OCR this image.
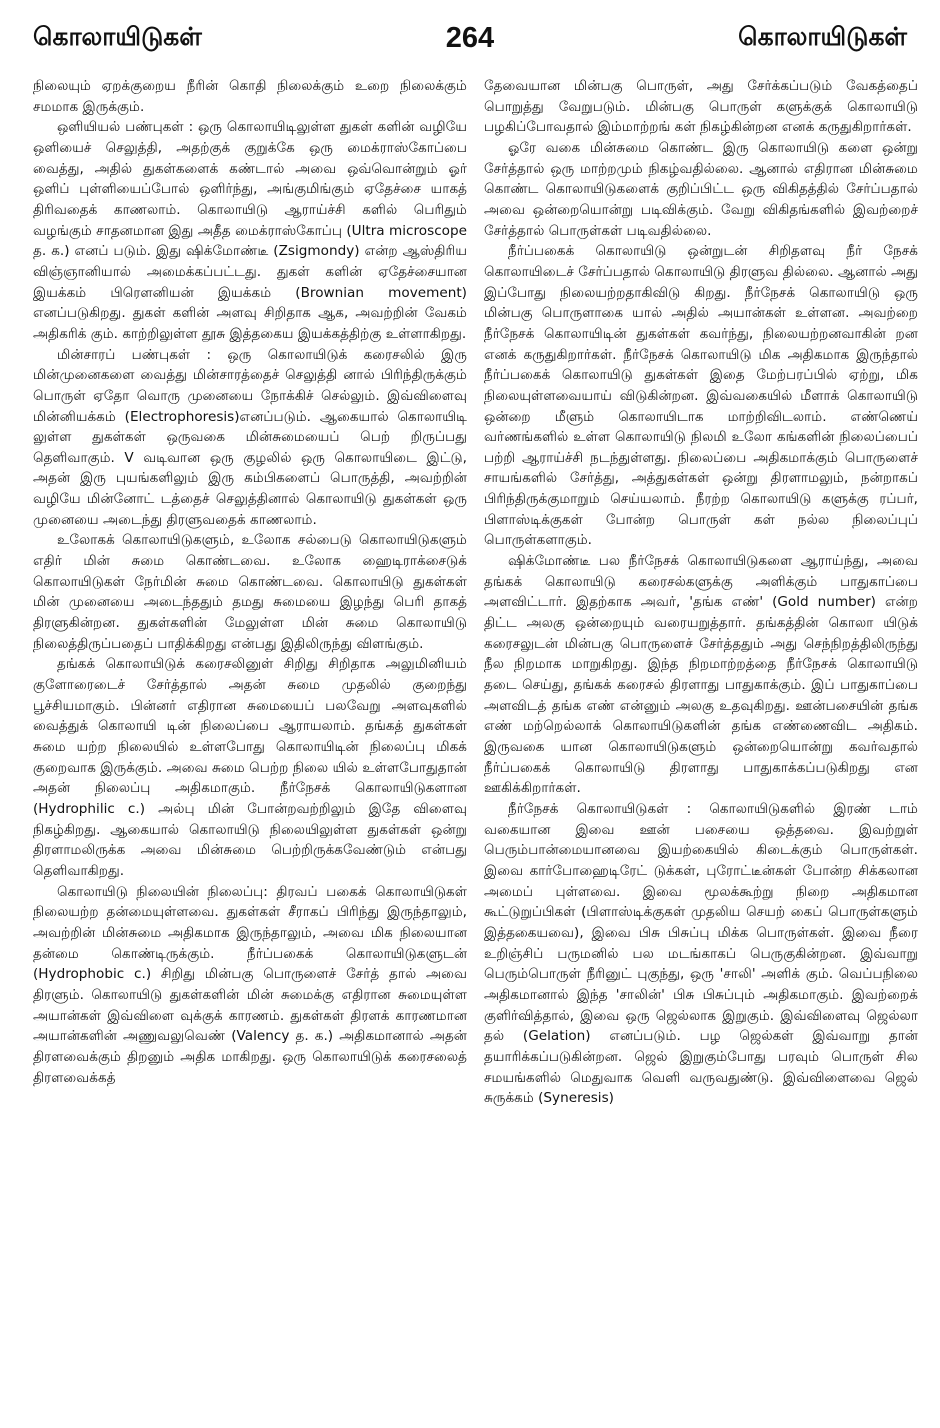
கொலாயிடுகள்	264	கொலாயிடுகள்

நிலையும் ஏறக்குறைய நீரின் கொதி நிலைக்கும் உறை நிலைக்கும் சமமாக இருக்கும்.

ஒளியியல் பண்புகள் : ஒரு கொலாயிடிலுள்ள துகள் களின் வழியே ஒளியைச் செலுத்தி, அதற்குக் குறுக்கே ஒரு மைக்ராஸ்கோப்பை வைத்து, அதில் துகள்களைக் கண்டால் அவை ஒவ்வொன்றும் ஓர் ஒளிப் புள்ளியைப்போல் ஒளிர்ந்து, அங்குமிங்கும் ஏதேச்சை யாகத் திரிவதைக் காணலாம். கொலாயிடு ஆராய்ச்சி களில் பெரிதும் வழங்கும் சாதனமான இது அதீத மைக்ராஸ்கோப்பு (Ultra microscope த. க.) எனப் படும். இது ஷிக்மோண்டீ (Zsigmondy) என்ற ஆஸ்திரிய விஞ்ஞானியால் அமைக்கப்பட்டது. துகள் களின் ஏதேச்சையான இயக்கம் பிரௌனியன் இயக்கம் (Brownian movement) எனப்படுகிறது. துகள் களின் அளவு சிறிதாக ஆக, அவற்றின் வேகம் அதிகரிக் கும். காற்றிலுள்ள தூசு இத்தகைய இயக்கத்திற்கு உள்ளாகிறது.

மின்சாரப் பண்புகள் : ஒரு கொலாயிடுக் கரைசலில் இரு மின்முனைகளை வைத்து மின்சாரத்தைச் செலுத்தி னால் பிரிந்திருக்கும் பொருள் ஏதோ வொரு முனையை நோக்கிச் செல்லும். இவ்விளைவு மின்னியக்கம் (Electrophoresis)எனப்படும். ஆகையால் கொலாயிடி லுள்ள துகள்கள் ஒருவகை மின்சுமையைப் பெற் றிருப்பது தெளிவாகும். V வடிவான ஒரு குழலில் ஒரு கொலாயிடை இட்டு, அதன் இரு புயங்களிலும் இரு கம்பிகளைப் பொருத்தி, அவற்றின் வழியே மின்னோட் டத்தைச் செலுத்தினால் கொலாயிடு துகள்கள் ஒரு முனையை அடைந்து திரளுவதைக் காணலாம்.

உலோகக் கொலாயிடுகளும், உலோக சல்பைடு கொலாயிடுகளும் எதிர் மின் சுமை கொண்டவை. உலோக ஹைடிராக்சைடுக் கொலாயிடுகள் நேர்மின் சுமை கொண்டவை. கொலாயிடு துகள்கள் மின் முனையை அடைந்ததும் தமது சுமையை இழந்து பெரி தாகத் திரளுகின்றன. துகள்களின் மேலுள்ள மின் சுமை கொலாயிடு நிலைத்திருப்பதைப் பாதிக்கிறது என்பது இதிலிருந்து விளங்கும்.

தங்கக் கொலாயிடுக் கரைசலினுள் சிறிது சிறிதாக அலுமினியம் குளோரைடைச் சேர்த்தால் அதன் சுமை முதலில் குறைந்து பூச்சியமாகும். பின்னர் எதிரான சுமையைப் பலவேறு அளவுகளில் வைத்துக் கொலாயி டின் நிலைப்பை ஆராயலாம். தங்கத் துகள்கள் சுமை யற்ற நிலையில் உள்ளபோது கொலாயிடின் நிலைப்பு மிகக் குறைவாக இருக்கும். அவை சுமை பெற்ற நிலை யில் உள்ளபோதுதான் அதன் நிலைப்பு அதிகமாகும். நீர்நேசக் கொலாயிடுகளான (Hydrophilic c.) அல்பு மின் போன்றவற்றிலும் இதே விளைவு நிகழ்கிறது. ஆகையால் கொலாயிடு நிலையிலுள்ள துகள்கள் ஒன்று திரளாமலிருக்க அவை மின்சுமை பெற்றிருக்கவேண்டும் என்பது தெளிவாகிறது.

கொலாயிடு நிலையின் நிலைப்பு: திரவப் பகைக் கொலாயிடுகள் நிலையற்ற தன்மையுள்ளவை. துகள்கள் சீராகப் பிரிந்து இருந்தாலும், அவற்றின் மின்சுமை அதிகமாக இருந்தாலும், அவை மிக நிலையான தன்மை கொண்டிருக்கும். நீர்ப்பகைக் கொலாயிடுகளுடன் (Hydrophobic c.) சிறிது மின்பகு பொருளைச் சேர்த் தால் அவை திரளும். கொலாயிடு துகள்களின் மின் சுமைக்கு எதிரான சுமையுள்ள அயான்கள் இவ்விளை வுக்குக் காரணம். துகள்கள் திரளக் காரணமான அயான்களின் அணுவலுவெண் (Valency த. க.) அதிகமானால் அதன் திரளவைக்கும் திறனும் அதிக மாகிறது. ஒரு கொலாயிடுக் கரைசலைத் திரளவைக்கத்

தேவையான மின்பகு பொருள், அது சேர்க்கப்படும் வேகத்தைப் பொறுத்து வேறுபடும். மின்பகு பொருள் களுக்குக் கொலாயிடு பழகிப்போவதால் இம்மாற்றங் கள் நிகழ்கின்றன எனக் கருதுகிறார்கள்.

ஓரே வகை மின்சுமை கொண்ட இரு கொலாயிடு களை ஒன்று சேர்த்தால் ஒரு மாற்றமும் நிகழ்வதில்லை. ஆனால் எதிரான மின்சுமை கொண்ட கொலாயிடுகளைக் குறிப்பிட்ட ஒரு விகிதத்தில் சேர்ப்பதால் அவை ஒன்றையொன்று படிவிக்கும். வேறு விகிதங்களில் இவற்றைச் சேர்த்தால் பொருள்கள் படிவதில்லை.

நீர்ப்பகைக் கொலாயிடு ஒன்றுடன் சிறிதளவு நீர் நேசக் கொலாயிடைச் சேர்ப்பதால் கொலாயிடு திரளுவ தில்லை. ஆனால் அது இப்போது நிலையற்றதாகிவிடு கிறது. நீர்நேசக் கொலாயிடு ஒரு மின்பகு பொருளாகை யால் அதில் அயான்கள் உள்ளன. அவற்றை நீர்நேசக் கொலாயிடின் துகள்கள் கவர்ந்து, நிலையற்றனவாகின் றன எனக் கருதுகிறார்கள். நீர்நேசக் கொலாயிடு மிக அதிகமாக இருந்தால் நீர்ப்பகைக் கொலாயிடு துகள்கள் இதை மேற்பரப்பில் ஏற்று, மிக நிலையுள்ளவையாய் விடுகின்றன. இவ்வகையில் மீளாக் கொலாயிடு ஒன்றை மீளும் கொலாயிடாக மாற்றிவிடலாம். எண்ணெய் வர்ணங்களில் உள்ள கொலாயிடு நிலமி உலோ கங்களின் நிலைப்பைப் பற்றி ஆராய்ச்சி நடந்துள்ளது. நிலைப்பை அதிகமாக்கும் பொருளைச் சாயங்களில் சேர்த்து, அத்துகள்கள் ஒன்று திரளாமலும், நன்றாகப் பிரிந்திருக்குமாறும் செய்யலாம். நீரற்ற கொலாயிடு களுக்கு ரப்பர், பிளாஸ்டிக்குகள் போன்ற பொருள் கள் நல்ல நிலைப்புப் பொருள்களாகும்.

ஷிக்மோண்டீ பல நீர்நேசக் கொலாயிடுகளை ஆராய்ந்து, அவை தங்கக் கொலாயிடு கரைசல்களுக்கு அளிக்கும் பாதுகாப்பை அளவிட்டார். இதற்காக அவர், 'தங்க எண்' (Gold number) என்ற திட்ட அலகு ஒன்றையும் வரையறுத்தார். தங்கத்தின் கொலா யிடுக் கரைசலுடன் மின்பகு பொருளைச் சேர்த்ததும் அது செந்நிறத்திலிருந்து நீல நிறமாக மாறுகிறது. இந்த நிறமாற்றத்தை நீர்நேசக் கொலாயிடு தடை செய்து, தங்கக் கரைசல் திரளாது பாதுகாக்கும். இப் பாதுகாப்பை அளவிடத் தங்க எண் என்னும் அலகு உதவுகிறது. ஊன்பசையின் தங்க எண் மற்றெல்லாக் கொலாயிடுகளின் தங்க எண்ணைவிட அதிகம். இருவகை யான கொலாயிடுகளும் ஒன்றையொன்று கவர்வதால் நீர்ப்பகைக் கொலாயிடு திரளாது பாதுகாக்கப்படுகிறது என ஊகிக்கிறார்கள்.

நீர்நேசக் கொலாயிடுகள் : கொலாயிடுகளில் இரண் டாம் வகையான இவை ஊன் பசையை ஒத்தவை. இவற்றுள் பெரும்பான்மையானவை இயற்கையில் கிடைக்கும் பொருள்கள். இவை கார்போஹைடிரேட் டுக்கள், புரோட்டீன்கள் போன்ற சிக்கலான அமைப் புள்ளவை. இவை மூலக்கூற்று நிறை அதிகமான கூட்டுறுப்பிகள் (பிளாஸ்டிக்குகள் முதலிய செயற் கைப் பொருள்களும் இத்தகையவை), இவை பிசு பிசுப்பு மிக்க பொருள்கள். இவை நீரை உறிஞ்சிப் பருமனில் பல மடங்காகப் பெருகுகின்றன. இவ்வாறு பெரும்பொருள் நீரினுட் புகுந்து, ஒரு 'சாலி' அளிக் கும். வெப்பநிலை அதிகமானால் இந்த 'சாலின்' பிசு பிசுப்பும் அதிகமாகும். இவற்றைக் குளிர்வித்தால், இவை ஒரு ஜெல்லாக இறுகும். இவ்விளைவு ஜெல்லா தல் (Gelation) எனப்படும். பழ ஜெல்கள் இவ்வாறு தான் தயாரிக்கப்படுகின்றன. ஜெல் இறுகும்போது பரவும் பொருள் சில சமயங்களில் மெதுவாக வெளி வருவதுண்டு. இவ்விளைவை ஜெல் சுருக்கம் (Syneresis)
